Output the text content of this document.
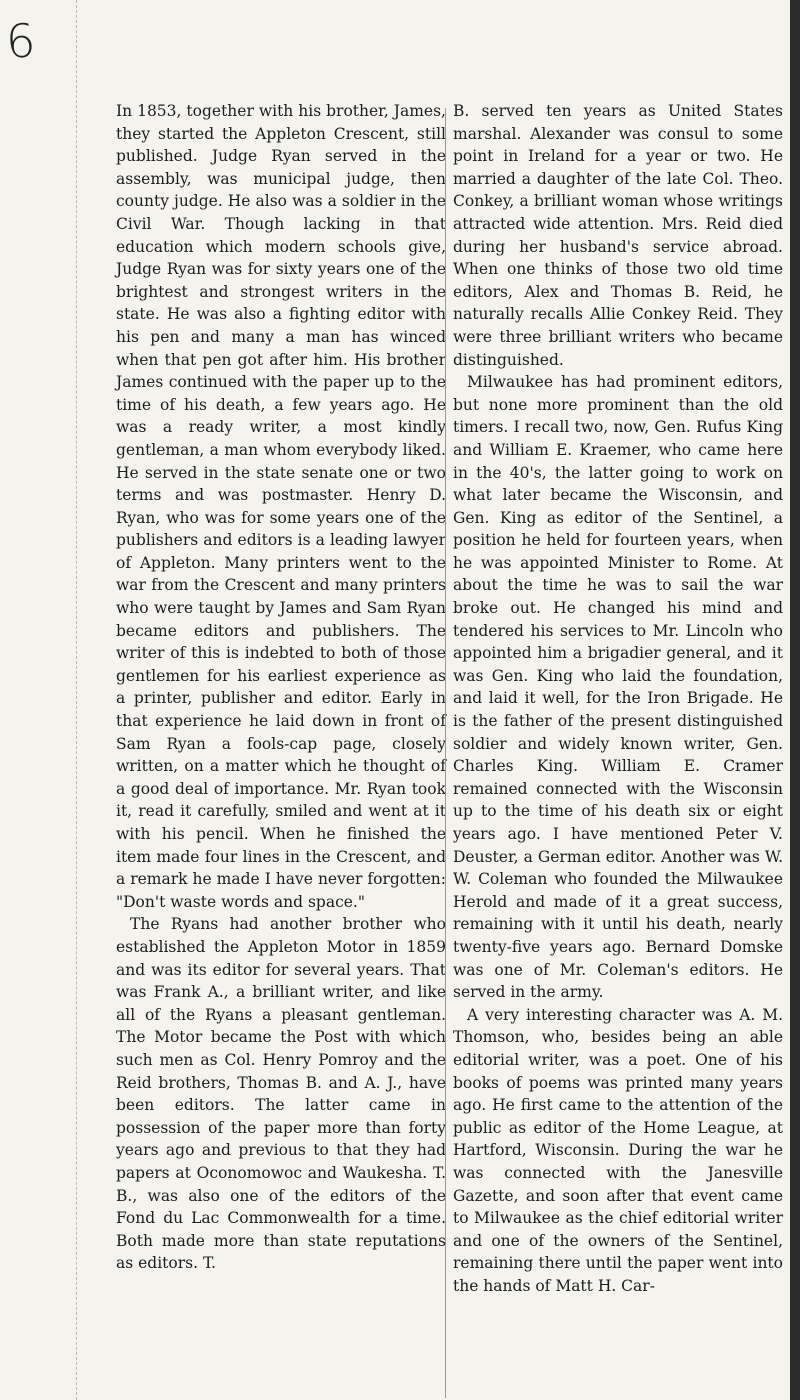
6

In 1853, together with his brother, James, they started the Appleton Crescent, still published. Judge Ryan served in the assembly, was municipal judge, then county judge. He also was a soldier in the Civil War. Though lacking in that education which modern schools give, Judge Ryan was for sixty years one of the brightest and strongest writers in the state. He was also a fighting editor with his pen and many a man has winced when that pen got after him. His brother James continued with the paper up to the time of his death, a few years ago. He was a ready writer, a most kindly gentleman, a man whom everybody liked. He served in the state senate one or two terms and was postmaster. Henry D. Ryan, who was for some years one of the publishers and editors is a leading lawyer of Appleton. Many printers went to the war from the Crescent and many printers who were taught by James and Sam Ryan became editors and publishers. The writer of this is indebted to both of those gentlemen for his earliest experience as a printer, publisher and editor. Early in that experience he laid down in front of Sam Ryan a fools-cap page, closely written, on a matter which he thought of a good deal of importance. Mr. Ryan took it, read it carefully, smiled and went at it with his pencil. When he finished the item made four lines in the Crescent, and a remark he made I have never forgotten: "Don't waste words and space."

The Ryans had another brother who established the Appleton Motor in 1859 and was its editor for several years. That was Frank A., a brilliant writer, and like all of the Ryans a pleasant gentleman. The Motor became the Post with which such men as Col. Henry Pomroy and the Reid brothers, Thomas B. and A. J., have been editors. The latter came in possession of the paper more than forty years ago and previous to that they had papers at Oconomowoc and Waukesha. T. B., was also one of the editors of the Fond du Lac Commonwealth for a time. Both made more than state reputations as editors. T.

B. served ten years as United States marshal. Alexander was consul to some point in Ireland for a year or two. He married a daughter of the late Col. Theo. Conkey, a brilliant woman whose writings attracted wide attention. Mrs. Reid died during her husband's service abroad. When one thinks of those two old time editors, Alex and Thomas B. Reid, he naturally recalls Allie Conkey Reid. They were three brilliant writers who became distinguished.

Milwaukee has had prominent editors, but none more prominent than the old timers. I recall two, now, Gen. Rufus King and William E. Kraemer, who came here in the 40's, the latter going to work on what later became the Wisconsin, and Gen. King as editor of the Sentinel, a position he held for fourteen years, when he was appointed Minister to Rome. At about the time he was to sail the war broke out. He changed his mind and tendered his services to Mr. Lincoln who appointed him a brigadier general, and it was Gen. King who laid the foundation, and laid it well, for the Iron Brigade. He is the father of the present distinguished soldier and widely known writer, Gen. Charles King. William E. Cramer remained connected with the Wisconsin up to the time of his death six or eight years ago. I have mentioned Peter V. Deuster, a German editor. Another was W. W. Coleman who founded the Milwaukee Herold and made of it a great success, remaining with it until his death, nearly twenty-five years ago. Bernard Domske was one of Mr. Coleman's editors. He served in the army.

A very interesting character was A. M. Thomson, who, besides being an able editorial writer, was a poet. One of his books of poems was printed many years ago. He first came to the attention of the public as editor of the Home League, at Hartford, Wisconsin. During the war he was connected with the Janesville Gazette, and soon after that event came to Milwaukee as the chief editorial writer and one of the owners of the Sentinel, remaining there until the paper went into the hands of Matt H. Car-
